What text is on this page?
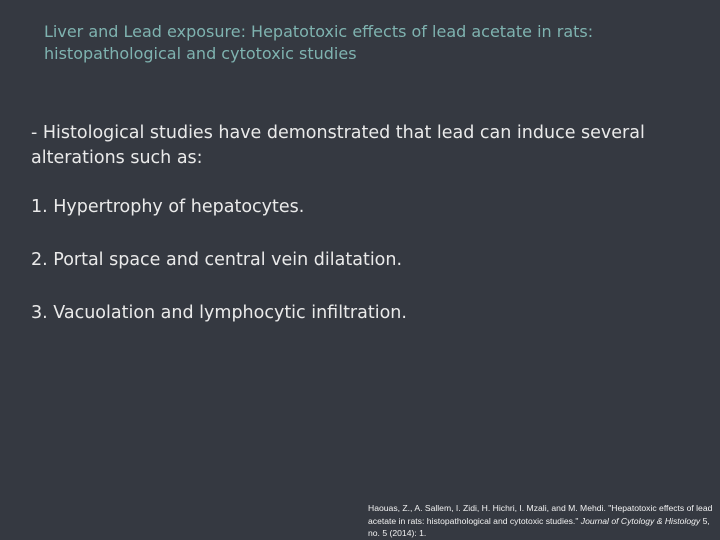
Liver and Lead exposure: Hepatotoxic effects of lead acetate in rats: histopathological and cytotoxic studies

- Histological studies have demonstrated that lead can induce several alterations such as:

1. Hypertrophy of hepatocytes.

2. Portal space and central vein dilatation.

3. Vacuolation and lymphocytic infiltration.

Haouas, Z., A. Sallem, I. Zidi, H. Hichri, I. Mzali, and M. Mehdi. "Hepatotoxic effects of lead acetate in rats: histopathological and cytotoxic studies." Journal of Cytology & Histology 5, no. 5 (2014): 1.
